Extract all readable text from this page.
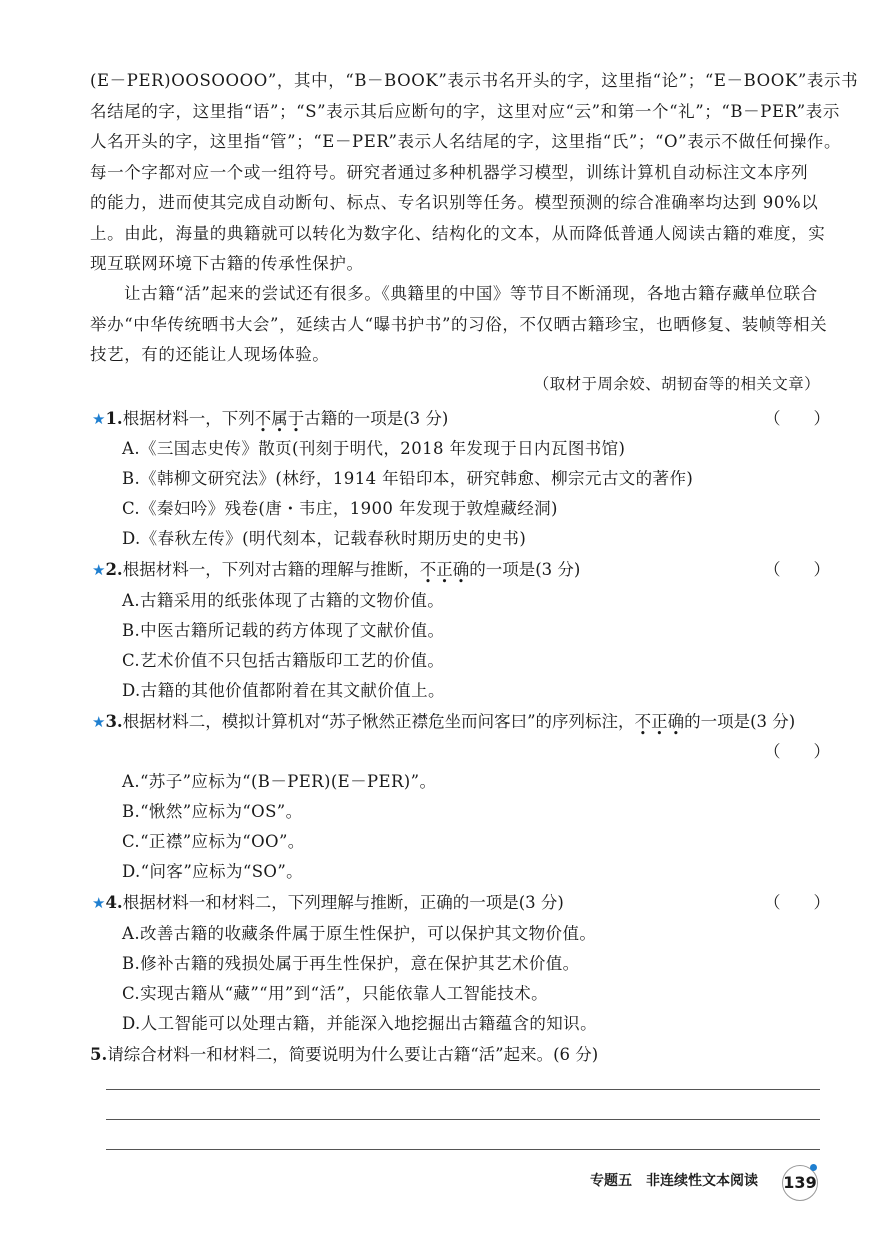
(E－PER)OOSOOOO”，其中，“B－BOOK”表示书名开头的字，这里指“论”；“E－BOOK”表示书
名结尾的字，这里指“语”；“S”表示其后应断句的字，这里对应“云”和第一个“礼”；“B－PER”表示
人名开头的字，这里指“管”；“E－PER”表示人名结尾的字，这里指“氏”；“O”表示不做任何操作。
每一个字都对应一个或一组符号。研究者通过多种机器学习模型，训练计算机自动标注文本序列
的能力，进而使其完成自动断句、标点、专名识别等任务。模型预测的综合准确率均达到 90%以
上。由此，海量的典籍就可以转化为数字化、结构化的文本，从而降低普通人阅读古籍的难度，实
现互联网环境下古籍的传承性保护。
让古籍“活”起来的尝试还有很多。《典籍里的中国》等节目不断涌现，各地古籍存藏单位联合
举办“中华传统晒书大会”，延续古人“曝书护书”的习俗，不仅晒古籍珍宝，也晒修复、装帧等相关
技艺，有的还能让人现场体验。
（取材于周余姣、胡韧奋等的相关文章）
★1.根据材料一，下列不属于古籍的一项是(3 分)	（　　）
A.《三国志史传》散页(刊刻于明代，2018 年发现于日内瓦图书馆)
B.《韩柳文研究法》(林纾，1914 年铅印本，研究韩愈、柳宗元古文的著作)
C.《秦妇吟》残卷(唐・韦庄，1900 年发现于敦煌藏经洞)
D.《春秋左传》(明代刻本，记载春秋时期历史的史书)
★2.根据材料一，下列对古籍的理解与推断，不正确的一项是(3 分)	（　　）
A.古籍采用的纸张体现了古籍的文物价值。
B.中医古籍所记载的药方体现了文献价值。
C.艺术价值不只包括古籍版印工艺的价值。
D.古籍的其他价值都附着在其文献价值上。
★3.根据材料二，模拟计算机对“苏子愀然正襟危坐而问客曰”的序列标注，不正确的一项是(3 分)
（　　）
A.“苏子”应标为“(B－PER)(E－PER)”。
B.“愀然”应标为“OS”。
C.“正襟”应标为“OO”。
D.“问客”应标为“SO”。
★4.根据材料一和材料二，下列理解与推断，正确的一项是(3 分)	（　　）
A.改善古籍的收藏条件属于原生性保护，可以保护其文物价值。
B.修补古籍的残损处属于再生性保护，意在保护其艺术价值。
C.实现古籍从“藏”“用”到“活”，只能依靠人工智能技术。
D.人工智能可以处理古籍，并能深入地挖掘出古籍蕴含的知识。
5.请综合材料一和材料二，简要说明为什么要让古籍“活”起来。(6 分)
专题五 非连续性文本阅读 139
